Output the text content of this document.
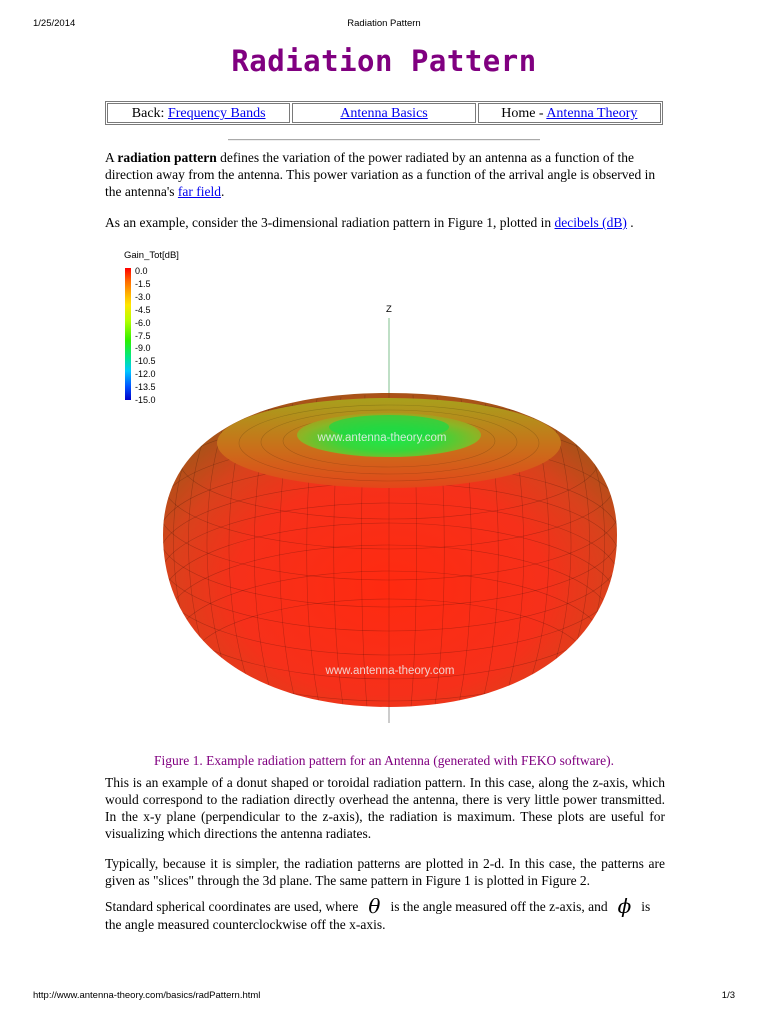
1/25/2014	Radiation Pattern
Radiation Pattern
Back: Frequency Bands	Antenna Basics	Home - Antenna Theory
A radiation pattern defines the variation of the power radiated by an antenna as a function of the direction away from the antenna. This power variation as a function of the arrival angle is observed in the antenna's far field.
As an example, consider the 3-dimensional radiation pattern in Figure 1, plotted in decibels (dB) .
Gain_Tot[dB]
0.0
-1.5
-3.0
-4.5
-6.0
-7.5
-9.0
-10.5
-12.0
-13.5
-15.0
Z
www.antenna-theory.com
www.antenna-theory.com
Figure 1. Example radiation pattern for an Antenna (generated with FEKO software).
This is an example of a donut shaped or toroidal radiation pattern. In this case, along the z-axis, which would correspond to the radiation directly overhead the antenna, there is very little power transmitted. In the x-y plane (perpendicular to the z-axis), the radiation is maximum. These plots are useful for visualizing which directions the antenna radiates.
Typically, because it is simpler, the radiation patterns are plotted in 2-d. In this case, the patterns are given as "slices" through the 3d plane. The same pattern in Figure 1 is plotted in Figure 2.
Standard spherical coordinates are used, where θ is the angle measured off the z-axis, and ϕ is the angle measured counterclockwise off the x-axis.
http://www.antenna-theory.com/basics/radPattern.html	1/3
